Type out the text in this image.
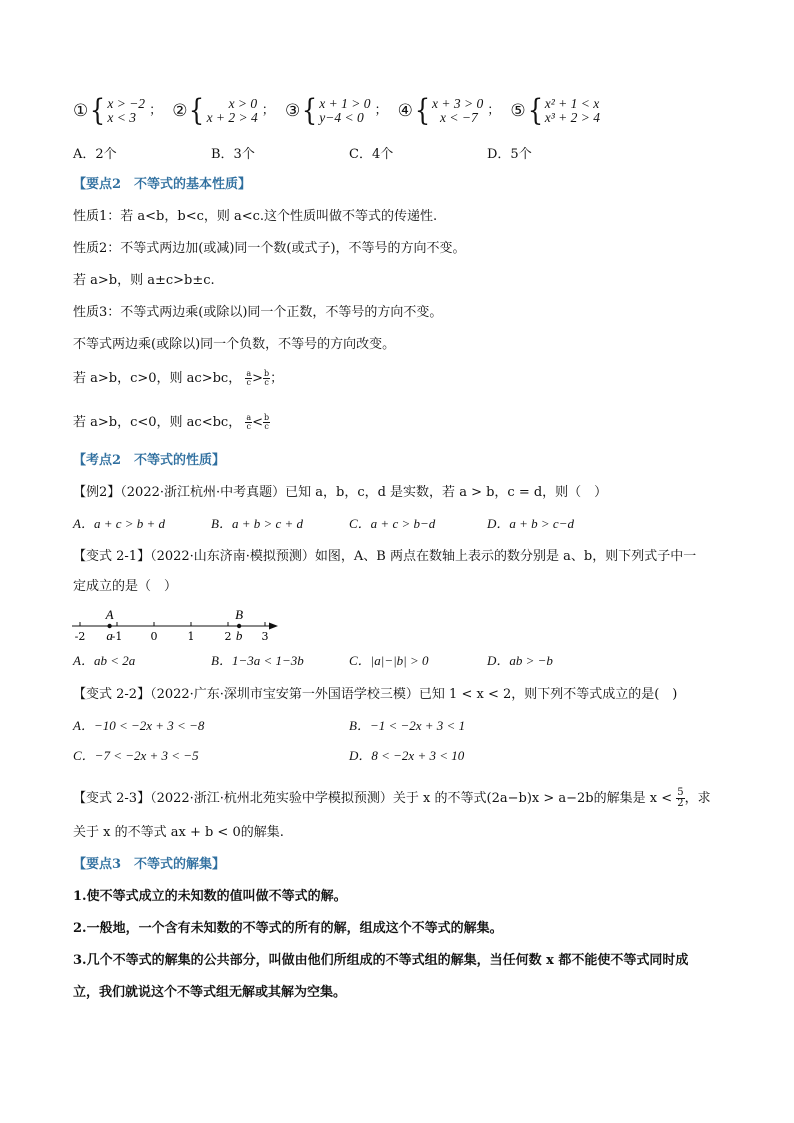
①{ x > −2
x < 3	； ②{	x > 0
x + 2 > 4 ； ③{ x + 1 > 0
y−4 < 0 ； ④{ x + 3 > 0
x < −7 ； ⑤{ x² + 1 < x
x³ + 2 > 4
A．2个	B．3个	C．4个	D．5个
【要点2　不等式的基本性质】
性质1：若 a<b，b<c，则 a<c.这个性质叫做不等式的传递性.
性质2：不等式两边加(或减)同一个数(或式子)，不等号的方向不变。
若 a>b，则 a±c>b±c.
性质3：不等式两边乘(或除以)同一个正数，不等号的方向不变。
不等式两边乘(或除以)同一个负数，不等号的方向改变。
若 a>b，c>0，则 ac>bc， $\frac{a}{c} > \frac{b}{c}$ ；
若 a>b，c<0，则 ac<bc， $\frac{a}{c} < \frac{b}{c}$
【考点2　不等式的性质】
【例2】（2022·浙江杭州·中考真题）已知 a，b，c，d 是实数，若 a > b，c = d，则（　）
A．a + c > b + d	B．a + b > c + d	C．a + c > b−d	D．a + b > c−d
【变式 2-1】（2022·山东济南·模拟预测）如图，A、B 两点在数轴上表示的数分别是 a、b，则下列式子中一
定成立的是（　）
-2 -1	0	1	2	3
A
a
B
b
A．ab < 2a	B．1−3a < 1−3b	C．|a|−|b| > 0	D．ab > −b
【变式 2-2】（2022·广东·深圳市宝安第一外国语学校三模）已知 1 < x < 2，则下列不等式成立的是(　)
A．−10 < −2x + 3 < −8	B．−1 < −2x + 3 < 1
C．−7 < −2x + 3 < −5	D．8 < −2x + 3 < 10
【变式 2-3】（2022·浙江·杭州北苑实验中学模拟预测）关于 x 的不等式(2a−b)x > a−2b的解集是 $x < \frac{5}{2}$ ，求
关于 x 的不等式 ax + b < 0的解集.
【要点3　不等式的解集】
1.使不等式成立的未知数的值叫做不等式的解。
2.一般地，一个含有未知数的不等式的所有的解，组成这个不等式的解集。
3.几个不等式的解集的公共部分，叫做由他们所组成的不等式组的解集，当任何数 x 都不能使不等式同时成
立，我们就说这个不等式组无解或其解为空集。
